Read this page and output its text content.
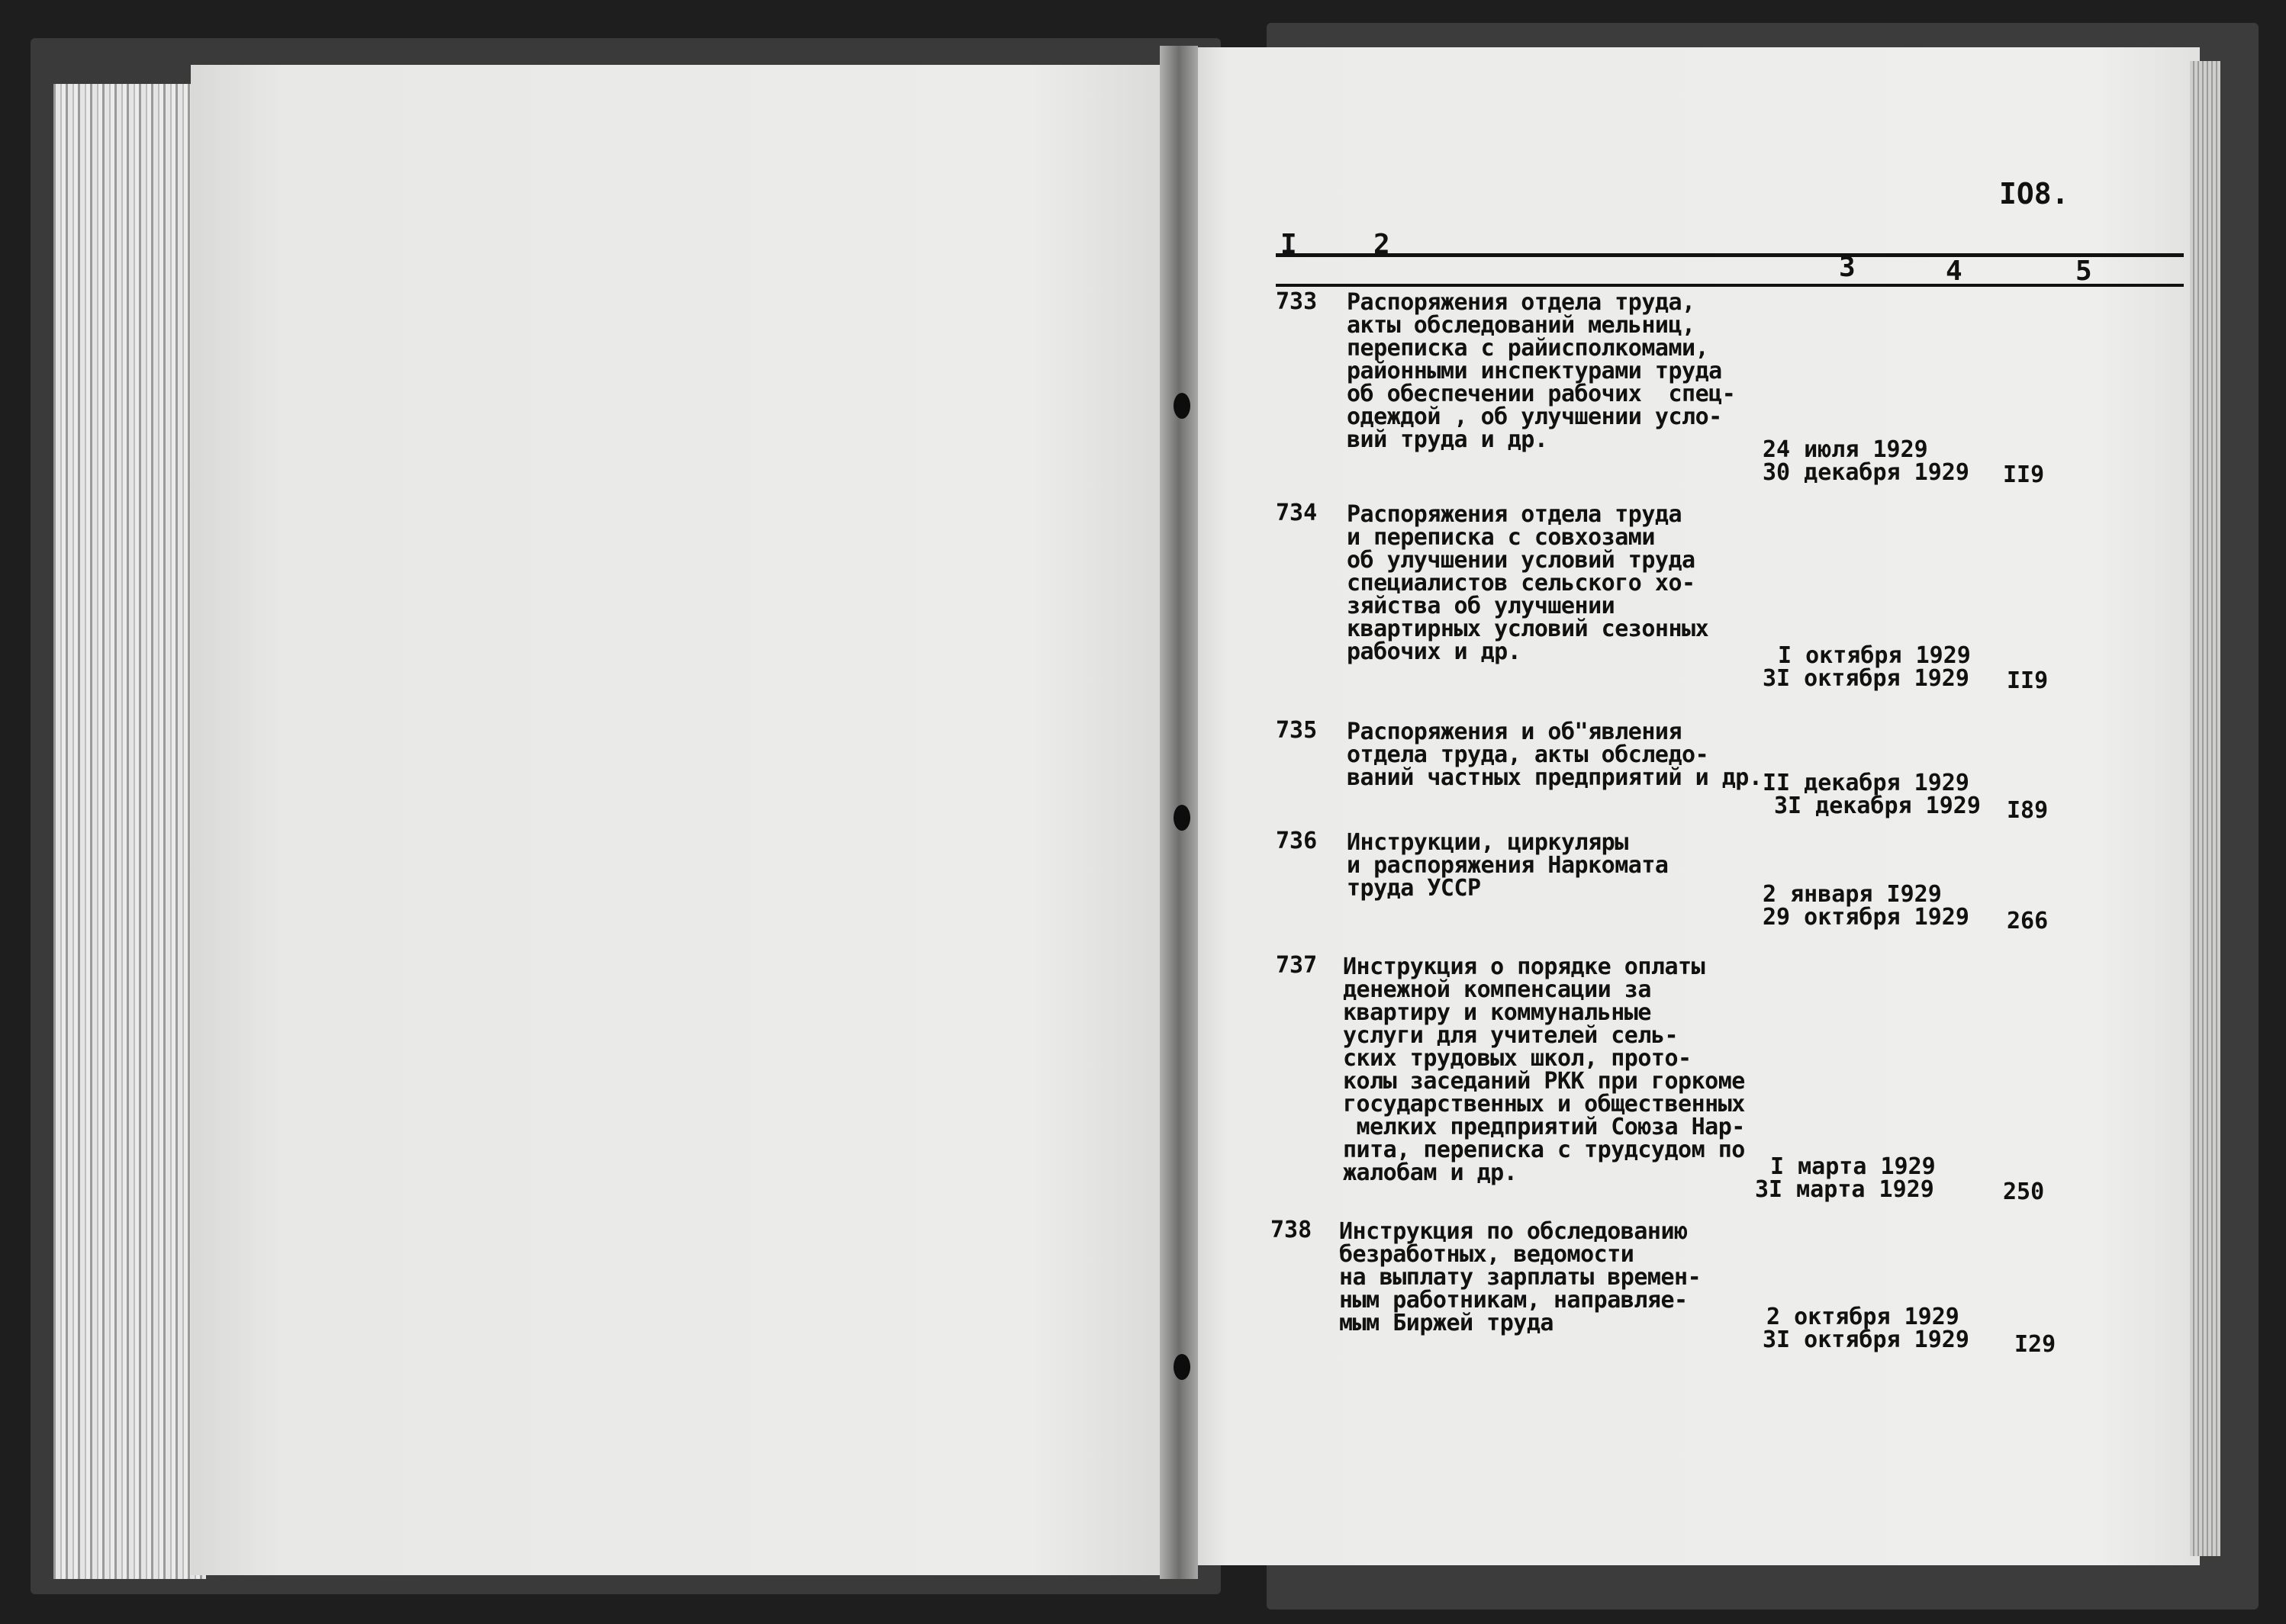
IO8.
I	2
3	4	5
733 Распоряжения отдела труда,
акты обследований мельниц,
переписка с райисполкомами,
районными инспектурами труда
об обеспечении рабочих  спец-
одеждой , об улучшении усло-
вий труда и др.	24 июля 1929
30 декабря 1929 II9
734 Распоряжения отдела труда
и переписка с совхозами
об улучшении условий труда
специалистов сельского хо-
зяйства об улучшении
квартирных условий сезонных
рабочих и др.	I октября 1929
3I октября 1929 II9
735 Распоряжения и об"явления
отдела труда, акты обследо-
ваний частных предприятий и др. II декабря 1929
3I декабря 1929 I89
736 Инструкции, циркуляры
и распоряжения Наркомата
труда УССР	2 января I929
29 октября 1929 266
737 Инструкция о порядке оплаты
денежной компенсации за
квартиру и коммунальные
услуги для учителей сель-
ских трудовых школ, прото-
колы заседаний РКК при горкоме
государственных и общественных
мелких предприятий Союза Нар-
пита, переписка с трудсудом по
жалобам и др.	I марта 1929
3I марта 1929	250
738 Инструкция по обследованию
безработных, ведомости
на выплату зарплаты времен-
ным работникам, направляе-
мым Биржей труда	2 октября 1929
3I октября 1929 I29
